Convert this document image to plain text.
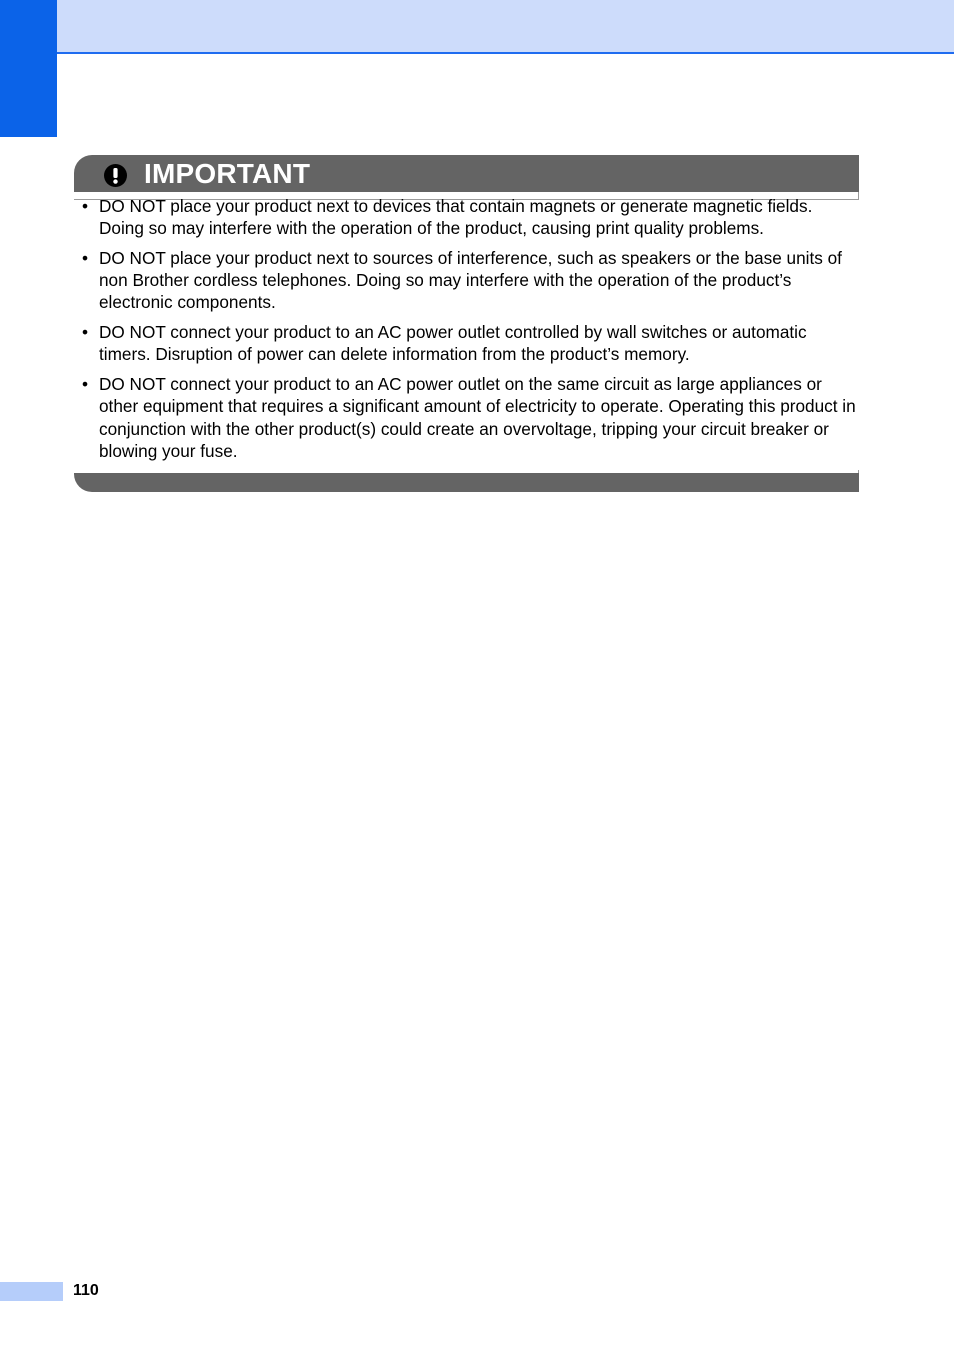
IMPORTANT
• DO NOT place your product next to devices that contain magnets or generate magnetic fields. Doing so may interfere with the operation of the product, causing print quality problems.
• DO NOT place your product next to sources of interference, such as speakers or the base units of non Brother cordless telephones. Doing so may interfere with the operation of the product’s electronic components.
• DO NOT connect your product to an AC power outlet controlled by wall switches or automatic timers. Disruption of power can delete information from the product’s memory.
• DO NOT connect your product to an AC power outlet on the same circuit as large appliances or other equipment that requires a significant amount of electricity to operate. Operating this product in conjunction with the other product(s) could create an overvoltage, tripping your circuit breaker or blowing your fuse.
110
